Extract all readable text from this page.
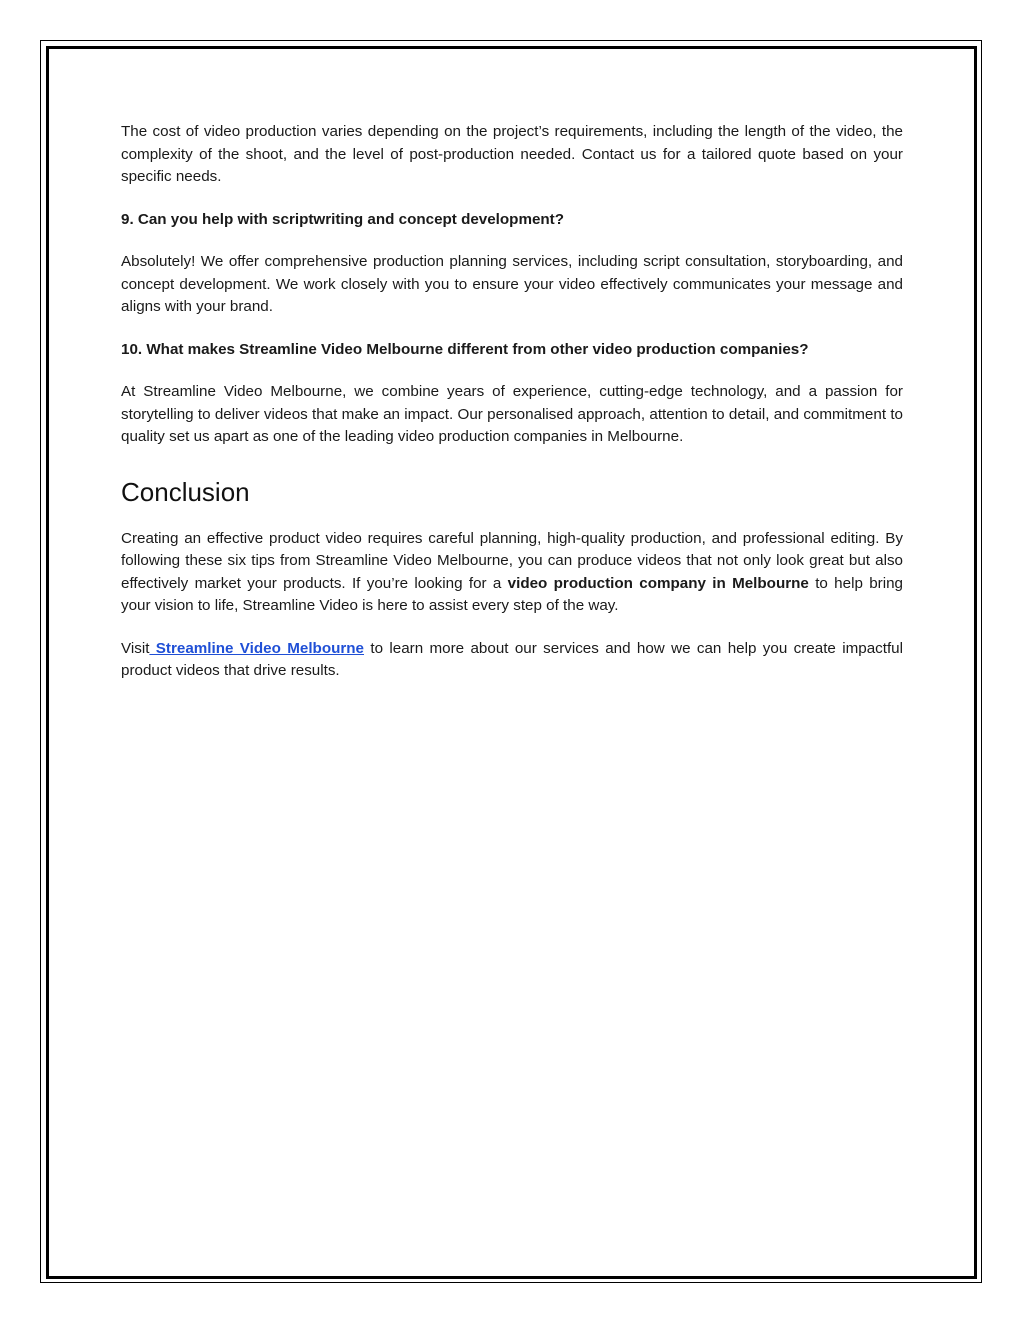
The cost of video production varies depending on the project’s requirements, including the length of the video, the complexity of the shoot, and the level of post-production needed. Contact us for a tailored quote based on your specific needs.

9. Can you help with scriptwriting and concept development?

Absolutely! We offer comprehensive production planning services, including script consultation, storyboarding, and concept development. We work closely with you to ensure your video effectively communicates your message and aligns with your brand.

10. What makes Streamline Video Melbourne different from other video production companies?

At Streamline Video Melbourne, we combine years of experience, cutting-edge technology, and a passion for storytelling to deliver videos that make an impact. Our personalised approach, attention to detail, and commitment to quality set us apart as one of the leading video production companies in Melbourne.

Conclusion

Creating an effective product video requires careful planning, high-quality production, and professional editing. By following these six tips from Streamline Video Melbourne, you can produce videos that not only look great but also effectively market your products. If you’re looking for a video production company in Melbourne to help bring your vision to life, Streamline Video is here to assist every step of the way.

Visit Streamline Video Melbourne to learn more about our services and how we can help you create impactful product videos that drive results.
